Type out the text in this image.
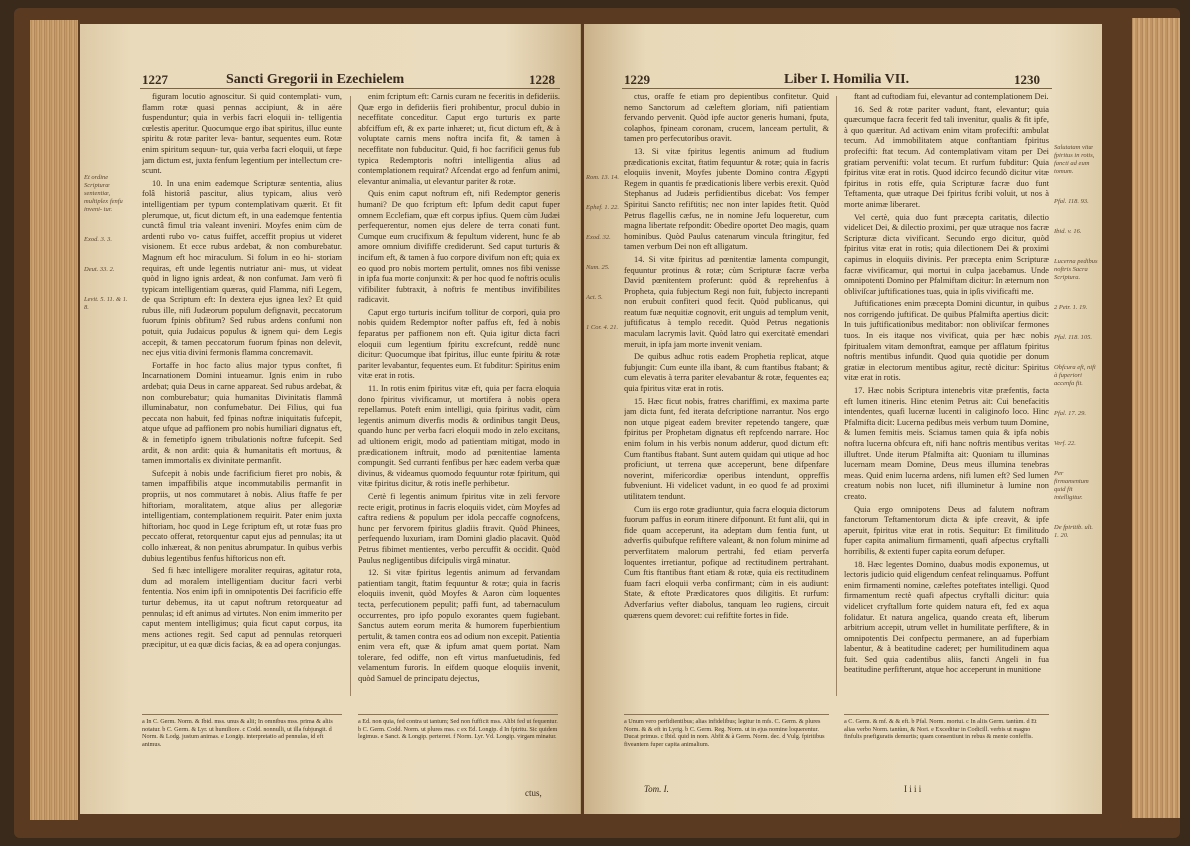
1227	Sancti Gregorii in Ezechielem	1228
Et ordine Scripturæ sententiæ, multiplex fenfu inveni- tur.
Exod. 3. 3.
Deut. 33. 2.
Levit. 5. 11. & 1. 8.

figuram locutio agnoscitur. Si quid contemplati- vum, flamm rotæ quasi pennas accipiunt, & in aëre fuspenduntur; quia in verbis facri eloquii in- telligentia cœlestis aperitur. Quocumque ergo ibat spiritus, illuc eunte spiritu & rotæ pariter leva- bantur, sequentes eum. Rotæ enim spiritum sequun- tur, quia verba facri eloquii, ut fæpe jam dictum est, juxta fenfum legentium per intellectum cre- scunt.

10. In una enim eademque Scripturæ sententia, alius folâ historiâ pascitur, alius typicam, alius verò intelligentiam per typum contemplativam quærit. Et fit plerumque, ut, ficut dictum eft, in una eademque fententia cunctâ fimul tria valeant inveniri. Moyfes enim cùm de ardenti rubo vo- catus fuiffet, acceffit propius ut videret visionem. Et ecce rubus ardebat, & non comburebatur. Magnum eft hoc miraculum. Si folum in eo hi- storiam requiras, eft unde legentis nutriatur ani- mus, ut videat quòd in ligno ignis ardeat, & non confumat. Jam verò fi typicam intelligentiam quæras, quid Flamma, nifi Legem, de qua Scriptum eft: In dextera ejus ignea lex? Et quid rubus ille, nifi Judæorum populum defignavit, peccatorum fuorum fpinis obfitum? Sed rubus ardens confumi non potuit, quia Judaicus populus & ignem qui- dem Legis accepit, & tamen peccatorum fuorum fpinas non delevit, nec ejus vitia divini fermonis flamma concremavit.

Fortaffe in hoc facto alius major typus conftet, fi Incarnationem Domini intueamur. Ignis enim in rubo ardebat; quia Deus in carne appareat. Sed rubus ardebat, & non comburebatur; quia humanitas Divinitatis flammâ illuminabatur, non confumebatur. Dei Filius, qui fua peccata non habuit, fed fpinas noftræ iniquitatis fufcepit, atque ufque ad paffionem pro nobis humiliari dignatus eft, & in femetipfo ignem tribulationis noftræ fufcepit. Sed ardit, & non ardit: quia & humanitatis eft mortuus, & tamen immortalis ex divinitate permanfit.

Sufcepit à nobis unde facrificium fieret pro nobis, & tamen impaffibilis atque incommutabilis permanfit in propriis, ut nos commutaret à nobis. Alius ftaffe fe per hiftoriam, moralitatem, atque alius per allegoriæ intelligentiam, contemplationem requirit. Pater enim juxta hiftoriam, hoc quod in Lege fcriptum eft, ut rotæ fuas pro peccato offerat, retorquentur caput ejus ad pennulas; ita ut collo inhæreat, & non penitus abrumpatur. In quibus verbis dubius legentibus fenfus hiftoricus non eft.

Sed fi hæc intelligere moraliter requiras, agitatur rota, dum ad moralem intelligentiam ducitur facri verbi fententia. Nos enim ipfi in omnipotentis Dei facrificio effe turtur debemus, ita ut caput noftrum retorqueatur ad pennulas; id eft animus ad virtutes. Non enim immerito per caput mentem intelligimus; quia ficut caput corpus, ita mens actiones regit. Sed caput ad pennulas retorqueri præcipitur, ut ea quæ dicis facias, & ea ad opera conjungas.

enim fcriptum eft: Carnis curam ne feceritis in defideriis. Quæ ergo in defideriis fieri prohibentur, procul dubio in neceffitate conceditur. Caput ergo turturis ex parte abfciffum eft, & ex parte inhæret; ut, ficut dictum eft, & à voluptate carnis mens noftra incifa fit, & tamen à neceffitate non fubducitur. Quid, fi hoc facrificii genus fub typica Redemptoris noftri intelligentia alius ad contemplationem requirat? Afcendat ergo ad fenfum animi, elevantur animalia, ut elevantur pariter & rotæ.

Quis enim caput noftrum eft, nifi Redemptor generis humani? De quo fcriptum eft: Ipfum dedit caput fuper omnem Ecclefiam, quæ eft corpus ipfius. Quem cùm Judæi perfequerentur, nomen ejus delere de terra conati funt. Cumque eum crucifixum & fepultum viderent, hunc fe ab amore omnium divififfe crediderunt. Sed caput turturis & incifum eft, & tamen à fuo corpore divifum non eft; quia ex eo quod pro nobis mortem pertulit, omnes nos fibi venisse in ipfa fua morte conjunxit: & per hoc quod fe noftris oculis vifibiliter fubtraxit, à noftris fe mentibus invifibilites radicavit.

Caput ergo turturis incifum tollitur de corpori, quia pro nobis quidem Redemptor nofter paffus eft, fed à nobis feparatus per paffionem non eft. Quia igitur dicta facri eloquii cum legentium fpiritu excrefcunt, reddè nunc dicitur: Quocumque ibat fpiritus, illuc eunte fpiritu & rotæ pariter levabantur, fequentes eum. Et fubditur: Spiritus enim vitæ erat in rotis.

11. In rotis enim fpiritus vitæ eft, quia per facra eloquia dono fpiritus vivificamur, ut mortifera à nobis opera repellamus. Poteft enim intelligi, quia fpiritus vadit, cùm legentis animum diverfis modis & ordinibus tangit Deus, quando hunc per verba facri eloquii modo in zelo excitans, ad ultionem erigit, modo ad patientiam mitigat, modo in prædicationem inftruit, modo ad pœnitentiae lamenta compungit. Sed curranti fenfibus per hæc eadem verba quæ divinus, & videamus quomodo fequuntur rotæ fpiritum, qui vitæ fpiritus dicitur, & rotis inefle perhibetur.

Certè fi legentis animum fpiritus vitæ in zeli fervore recte erigit, protinus in facris eloquiis videt, cùm Moyfes ad caftra rediens & populum per idola peccaffe cognofcens, hunc per fervorem fpiritus gladiis ftravit. Quòd Phinees, perfequendo luxuriam, iram Domini gladio placavit. Quòd Petrus fibimet mentientes, verbo percuffit & occidit. Quòd Paulus negligentibus difcipulis virgâ minatur.

12. Si vitæ fpiritus legentis animum ad fervandam patientiam tangit, ftatim fequuntur & rotæ; quia in facris eloquiis invenit, quòd Moyfes & Aaron cùm loquentes tecta, perfecutionem pepulit; paffi funt, ad tabernaculum occurrentes, pro ipfo populo exorantes quem fugiebant. Sanctus autem eorum merita & humorem fuperbientium pertulit, & tamen contra eos ad odium non excepit. Patientia enim vera eft, quæ & ipfum amat quem portat. Nam tolerare, fed odiffe, non eft virtus manfuetudinis, fed velamentum furoris. In eifdem quoque eloquiis invenit, quòd Samuel de principatu dejectus,

a In C. Germ. Norm. & Ibid. mss. unus & alii; In omnibus mss. prima & aliis notatur. b C. Germ. & Lyr. ut humiliore. c Codd. nonnulli, ut illa fubjungit. d Norm. & Lodg. justum animas. e Longip. interpretatio ad pennulas, id eft animus.
a Ed. non quia, fed contra ut tantum; Sed non fufficit mss. Alibi fed ut fequentur. b C. Germ. Codd. Norm. ut plures mss. c ex Ed. Longip. d In fpiritu. Sic quidem legimus. e Sanct. & Longip. perterret. f Norm. Lyr. Vd. Longip. virgam minatur.
ctus,
1229	Liber I. Homilia VII.	1230
Rom. 13. 14.
Ephef. 1. 22.
Exod. 32.
Num. 25.
Act. 5.
1 Cor. 4. 21.

ctus, oraffe fe etiam pro depientibus confitetur. Quid nemo Sanctorum ad cæleftem gloriam, nifi patientiam fervando pervenit. Quòd ipfe auctor generis humani, fputa, colaphos, fpineam coronam, crucem, lanceam pertulit, & tamen pro perfecutoribus oravit.

13. Si vitæ fpiritus legentis animum ad ftudium prædicationis excitat, ftatim fequuntur & rotæ; quia in facris eloquiis invenit, Moyfes jubente Domino contra Ægypti Regem in quantis fe prædicationis libere verbis erexit. Quòd Stephanus ad Judæis perfidientibus dicebat: Vos femper Spiritui Sancto refiftitis; nec non inter lapides ftetit. Quòd Petrus flagellis cæfus, ne in nomine Jefu loqueretur, cum magna libertate refpondit: Obedire oportet Deo magis, quam hominibus. Quòd Paulus catenarum vincula ftringitur, fed tamen verbum Dei non eft alligatum.

14. Si vitæ fpiritus ad pœnitentiæ lamenta compungit, fequuntur protinus & rotæ; cùm Scripturæ facræ verba David pœnitentem proferunt: quòd & reprehenfus à Propheta, quia fubjectum Regi non fuit, fubjecto increpanti non erubuit confiteri quod fecit. Quòd publicanus, qui reatum fuæ nequitiæ cognovit, erit unguis ad templum venit, juftificatus à templo recedit. Quòd Petrus negationis maculam lacrymis lavit. Quòd latro qui exercitatè emendari meruit, in ipfa jam morte invenit veniam.

De quibus adhuc rotis eadem Prophetia replicat, atque fubjungit: Cum eunte illa ibant, & cum ftantibus ftabant; & cum elevatis à terra pariter elevabantur & rotæ, fequentes ea; quia fpiritus vitæ erat in rotis.

15. Hæc ficut nobis, fratres chariffimi, ex maxima parte jam dicta funt, fed iterata defcriptione narrantur. Nos ergo non utque pigeat eadem breviter repetendo tangere, quæ fpiritus per Prophetam dignatus eft repfcendo narrare. Hoc enim folum in his verbis nonum adderur, quod dictum eft: Cum ftantibus ftabant. Sunt autem quidam qui utique ad hoc proficiunt, ut terrena quæ acceperunt, bene difpenfare noverint, mifericordiæ operibus intendunt, oppreffis fubveniunt. Hi videlicet vadunt, in eo quod fe ad proximi utilitatem tendunt.

Cum iis ergo rotæ gradiuntur, quia facra eloquia dictorum fuorum paffus in eorum itinere difponunt. Et funt alii, qui in fide quam acceperunt, ita adeptam dum fentia funt, ut adverfis quibufque refiftere valeant, & non folum minime ad perverfitatem malorum pertrahi, fed etiam perverfa loquentes irretiantur, pofique ad rectitudinem pertrahant. Cum ftis ftantibus ftant etiam & rotæ, quia eis rectitudinem fuam facri eloquii verba confirmant; cùm in eis audiunt: State, & eftote Prædicatores quos diligitis. Et rurfum: Adverfarius vefter diabolus, tanquam leo rugiens, circuit quærens quem devoret: cui refiftite fortes in fide.

ftant ad cuftodiam fui, elevantur ad contemplationem Dei.

16. Sed & rotæ pariter vadunt, ftant, elevantur; quia quæcumque facra fecerit fed tali invenitur, qualis & fit ipfe, à quo quæritur. Ad activam enim vitam profecifti: ambulat tecum. Ad immobilitatem atque conftantiam fpiritus profecifti: ftat tecum. Ad contemplativam vitam per Dei gratiam pervenifti: volat tecum. Et rurfum fubditur: Quia fpiritus vitæ erat in rotis. Quod idcirco fecundò dicitur vitæ fpiritus in rotis effe, quia Scripturæ facræ duo funt Teftamenta, quæ utraque Dei fpiritus fcribi voluit, ut nos à morte animæ liberaret.

Vel certè, quia duo funt præcepta caritatis, dilectio videlicet Dei, & dilectio proximi, per quæ utraque nos facræ Scripturæ dicta vivificant. Secundo ergo dicitur, quòd fpiritus vitæ erat in rotis; quia dilectionem Dei & proximi capimus in eloquiis divinis. Per præcepta enim Scripturæ facræ vivificamur, qui mortui in culpa jacebamus. Unde omnipotenti Domino per Pfalmiftam dicitur: In æternum non obliviſcar juftificationes tuas, quia in ipſis vivificafti me.

Juftificationes enim præcepta Domini dicuntur, in quibus nos corrigendo juftificat. De quibus Pfalmifta apertius dicit: In tuis juftificationibus meditabor: non obliviſcar fermones tuos. In eis itaque nos vivificat, quia per hæc nobis fpiritualem vitam demonftrat, eamque per afflatum fpiritus noftris mentibus infundit. Quod quia quotidie per donum gratiæ in electorum mentibus agitur, rectè dicitur: Spiritus vitæ erat in rotis.

17. Hæc nobis Scriptura intenebris vitæ præfentis, facta eft lumen itineris. Hinc etenim Petrus ait: Cui benefacitis intendentes, quafi lucernæ lucenti in caliginofo loco. Hinc Pfalmifta dicit: Lucerna pedibus meis verbum tuum Domine, & lumen femitis meis. Sciamus tamen quia & ipfa nobis noftra lucerna obfcura eft, nifi hanc noftris mentibus veritas illuftret. Unde iterum Pfalmifta ait: Quoniam tu illuminas lucernam meam Domine, Deus meus illumina tenebras meas. Quid enim lucerna ardens, nifi lumen eft? Sed lumen creatum nobis non lucet, nifi illuminetur à lumine non creato.

Quia ergo omnipotens Deus ad falutem noftram fanctorum Teftamentorum dicta & ipfe creavit, & ipfe aperuit, fpiritus vitæ erat in rotis. Sequitur: Et fimilitudo fuper capita animalium firmamenti, quafi afpectus cryftalli horribilis, & extenti fuper capita eorum defuper.

18. Hæc legentes Domino, duabus modis exponemus, ut lectoris judicio quid eligendum cenfeat relinquamus. Poffunt enim firmamenti nomine, cæleftes poteftates intelligi. Quod firmamentum rectè quafi afpectus cryftalli dicitur: quia videlicet cryftallum forte quidem natura eft, fed ex aqua folidatur. Et natura angelica, quando creata eft, liberum arbitrium accepit, utrum vellet in humilitate perfiftere, & in omnipotentis Dei confpectu permanere, an ad fuperbiam labentur, & à beatitudine caderet; per humilitudinem aqua fuit. Sed quia cadentibus aliis, fancti Angeli in fua beatitudine perfifterunt, atque hoc acceperunt in munitione

Salutatam vitæ fpiritus in rotis, fancti ad eum tomum.
Pfal. 118. 93.
Ibid. v. 16.
Lucerna pedibus noftris Sacra Scriptura.
2 Petr. 1. 19.
Pfal. 118. 105.
Obfcura eft, nifi à fuperiori accenfa fit.
Pfal. 17. 29.
Verf. 22.
Per firmamentum quid fit intelligitur.
De fpiritib. ult. 1. 20.
a Unum vero perfidientibus; alias infidelibus; legitur in mfs. C. Germ. & plures Norm. & & eft in Lyrig. b C. Germ. Reg. Norm. ut in ejus nomine loquerentur. Ducat primus. c Ibid. quid in nom. Abfit & à Germ. Norm. dec. d Vulg. fpiritibus fiveantem fuper capita animalium.
a C. Germ. & mf. & & eft. b Pfal. Norm. mortui. c In aliis Germ. tantùm. d Et alias verbo Norm. tantùm, & Nori. e Exceditur in Codicill. verbis ut magno finfulis præfiguratis demurtis; quam consentiunt in rebus & mente confeffis.
Tom. I.	I i i i
